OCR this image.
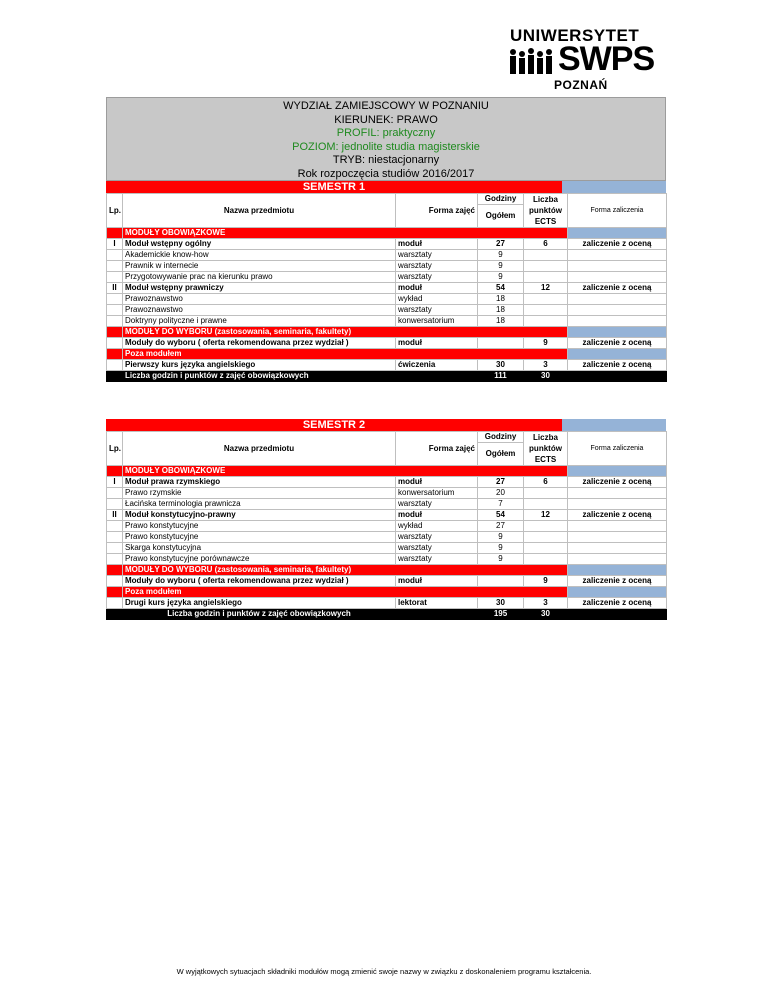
UNIWERSYTET
SWPS
POZNAŃ
WYDZIAŁ ZAMIEJSCOWY W POZNANIU
KIERUNEK: PRAWO
PROFIL: praktyczny
POZIOM: jednolite studia magisterskie
TRYB: niestacjonarny
Rok rozpoczęcia studiów 2016/2017
SEMESTR 1
Lp.	Nazwa przedmiotu	Forma zajęć	Godziny	Liczba punktów ECTS	Forma zaliczenia
			Ogółem		
	MODUŁY OBOWIĄZKOWE				
I	Moduł wstępny ogólny	moduł	27	6	zaliczenie z oceną
	Akademickie know-how	warsztaty	9		
	Prawnik w internecie	warsztaty	9		
	Przygotowywanie prac na kierunku prawo	warsztaty	9		
II	Moduł wstępny prawniczy	moduł	54	12	zaliczenie z oceną
	Prawoznawstwo	wykład	18		
	Prawoznawstwo	warsztaty	18		
	Doktryny polityczne i prawne	konwersatorium	18		
	MODUŁY DO WYBORU (zastosowania, seminaria, fakultety)				
	Moduły do wyboru ( oferta rekomendowana przez wydział )	moduł		9	zaliczenie z oceną
	Poza modułem				
	Pierwszy kurs języka angielskiego	ćwiczenia	30	3	zaliczenie z oceną
	Liczba godzin i punktów z zajęć obowiązkowych		111	30	
SEMESTR 2
Lp.	Nazwa przedmiotu	Forma zajęć	Godziny	Liczba punktów ECTS	Forma zaliczenia
			Ogółem		
	MODUŁY OBOWIĄZKOWE				
I	Moduł prawa rzymskiego	moduł	27	6	zaliczenie z oceną
	Prawo rzymskie	konwersatorium	20		
	Łacińska terminologia prawnicza	warsztaty	7		
II	Moduł konstytucyjno-prawny	moduł	54	12	zaliczenie z oceną
	Prawo konstytucyjne	wykład	27		
	Prawo konstytucyjne	warsztaty	9		
	Skarga konstytucyjna	warsztaty	9		
	Prawo konstytucyjne porównawcze	warsztaty	9		
	MODUŁY DO WYBORU (zastosowania, seminaria, fakultety)				
	Moduły do wyboru ( oferta rekomendowana przez wydział )	moduł		9	zaliczenie z oceną
	Poza modułem				
	Drugi kurs języka angielskiego	lektorat	30	3	zaliczenie z oceną
	Liczba godzin i punktów z zajęć obowiązkowych		195	30	
W wyjątkowych sytuacjach składniki modułów mogą zmienić swoje nazwy w związku z doskonaleniem programu kształcenia.
